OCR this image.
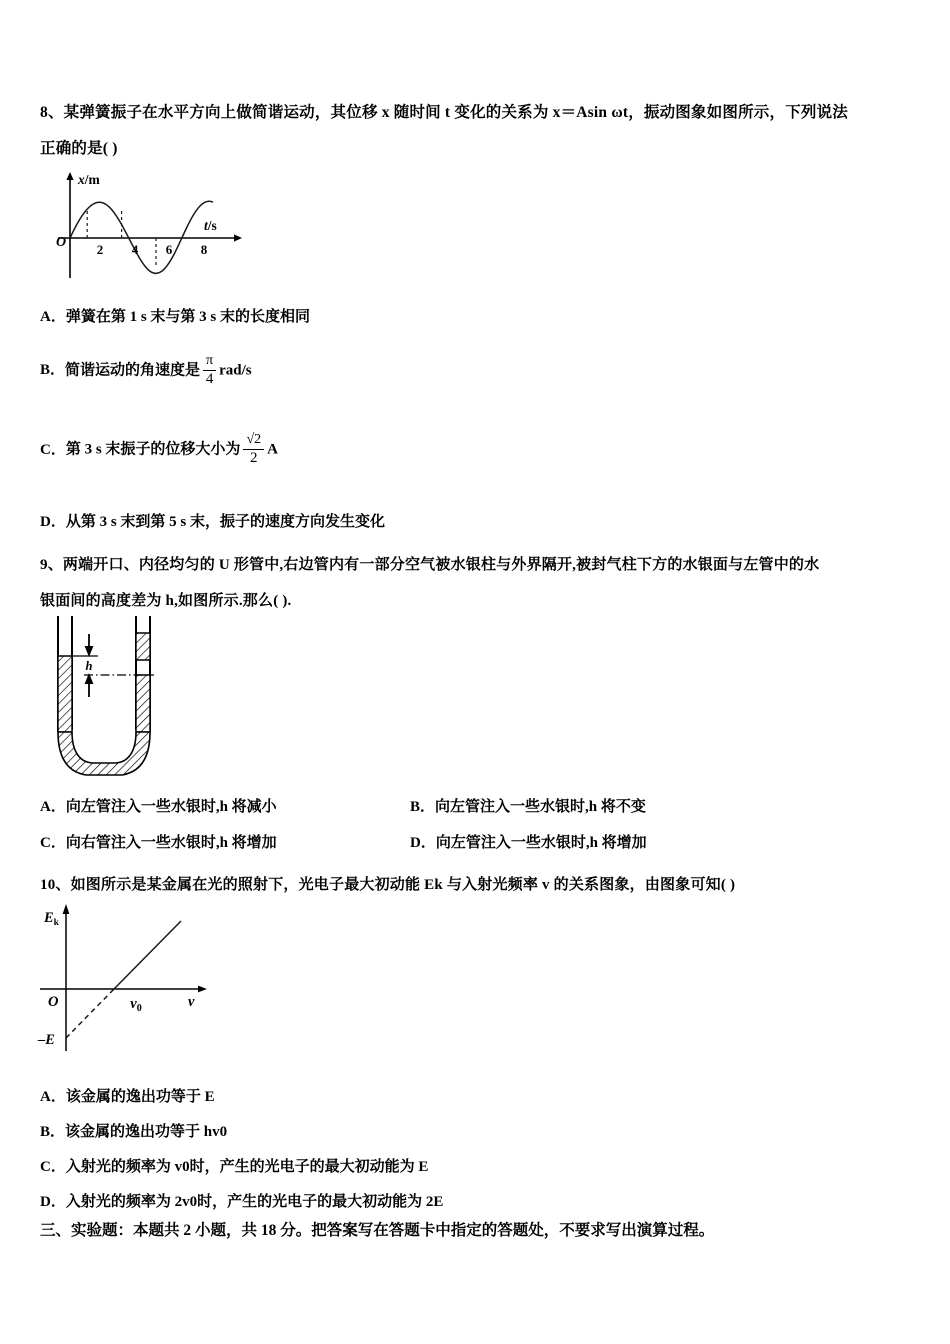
8、某弹簧振子在水平方向上做简谐运动，其位移 x 随时间 t 变化的关系为 x＝Asin ωt，振动图象如图所示，下列说法
正确的是( )
2 4 6 8
O
x/m
t/s
A．弹簧在第 1 s 末与第 3 s 末的长度相同
B．简谐运动的角速度是 $\frac{\pi}{4} rad/s$
C．第 3 s 末振子的位移大小为 $\frac{√2}{2}$ A
D．从第 3 s 末到第 5 s 末，振子的速度方向发生变化
9、两端开口、内径均匀的 U 形管中,右边管内有一部分空气被水银柱与外界隔开,被封气柱下方的水银面与左管中的水
银面间的高度差为 h,如图所示.那么( ).
h
A．向左管注入一些水银时,h 将减小	B．向左管注入一些水银时,h 将不变
C．向右管注入一些水银时,h 将增加	D．向左管注入一些水银时,h 将增加
10、如图所示是某金属在光的照射下，光电子最大初动能 Ek 与入射光频率 v 的关系图象，由图象可知( )
$E_k$
O	$v_0$	v
–E
A．该金属的逸出功等于 E
B．该金属的逸出功等于 hv0
C．入射光的频率为 v0时，产生的光电子的最大初动能为 E
D．入射光的频率为 2v0时，产生的光电子的最大初动能为 2E
三、实验题：本题共 2 小题，共 18 分。把答案写在答题卡中指定的答题处，不要求写出演算过程。
